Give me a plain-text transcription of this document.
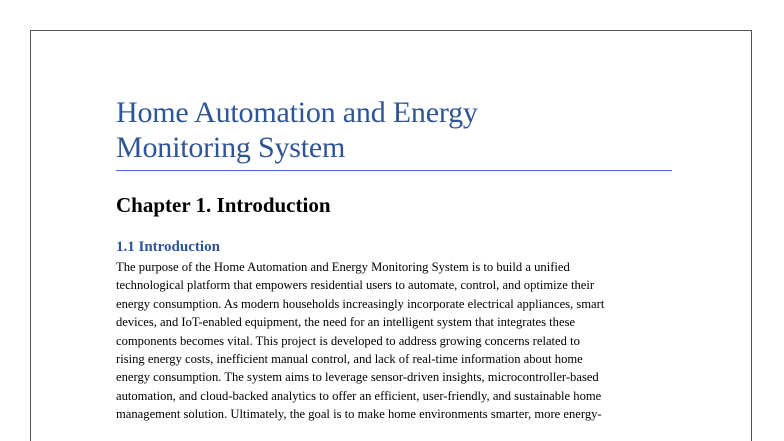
Home Automation and Energy
Monitoring System
Chapter 1. Introduction
1.1 Introduction

The purpose of the Home Automation and Energy Monitoring System is to build a unified
technological platform that empowers residential users to automate, control, and optimize their
energy consumption. As modern households increasingly incorporate electrical appliances, smart
devices, and IoT-enabled equipment, the need for an intelligent system that integrates these
components becomes vital. This project is developed to address growing concerns related to
rising energy costs, inefficient manual control, and lack of real-time information about home
energy consumption. The system aims to leverage sensor-driven insights, microcontroller-based
automation, and cloud-backed analytics to offer an efficient, user-friendly, and sustainable home
management solution. Ultimately, the goal is to make home environments smarter, more energy-
